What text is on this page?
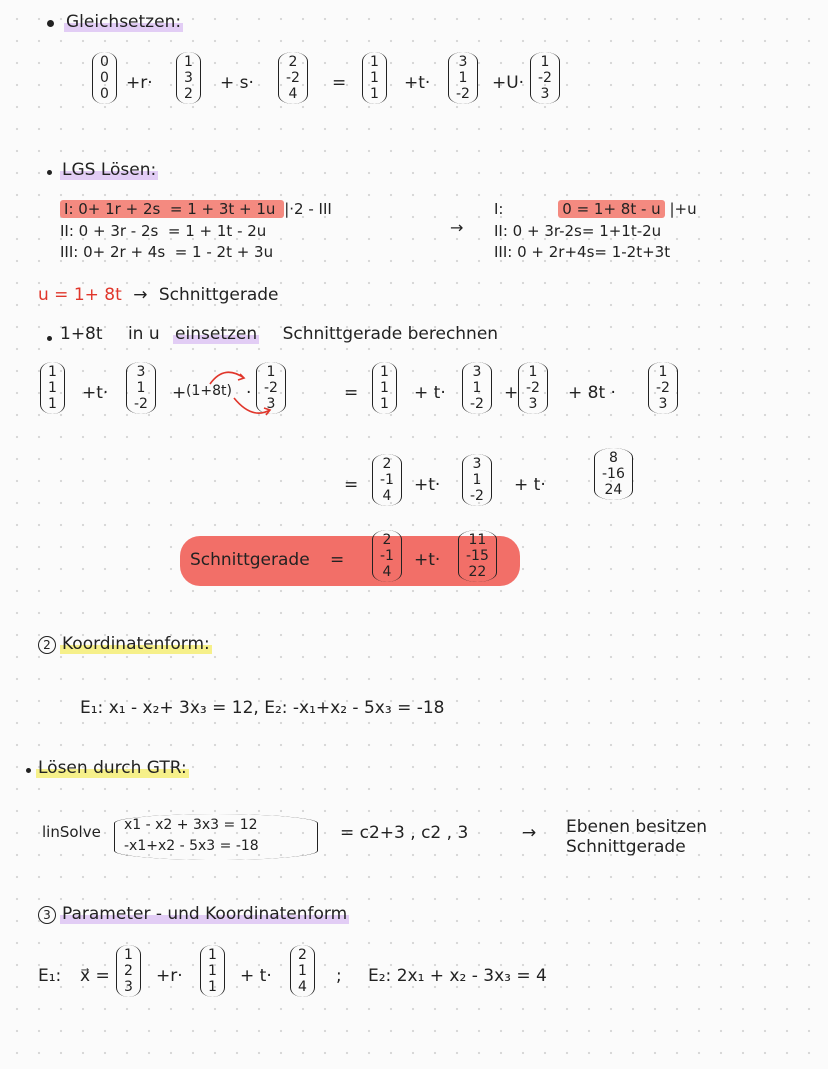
Gleichsetzen:
0
0
0
+r·
1
3
2
+ s·
2
-2
4
=
1
1
1
+t·
3
1
-2
+U·
1
-2
3
LGS Lösen:
I: 0+ 1r + 2s = 1 + 3t + 1u |·2 - III
II: 0 + 3r - 2s = 1 + 1t - 2u
III: 0+ 2r + 4s = 1 - 2t + 3u
→
I:	0 = 1+ 8t - u |+u
II: 0 + 3r-2s= 1+1t-2u
III: 0 + 2r+4s= 1-2t+3t
u = 1+ 8t → Schnittgerade
1+8t in u einsetzen Schnittgerade berechnen
1
1
1
+t·
3
1
-2
+ (1+8t) ·
1
-2
3
=
1
1
1
+ t·
3
1
-2
+
1
-2
3
+ 8t ·
1
-2
3
=
2
-1
4
+t·
3
1
-2
+ t·
8
-16
24
Schnittgerade =
2
-1
4
+t·
11
-15
22
2 Koordinatenform:
E₁: x₁ - x₂+ 3x₃ = 12, E₂: -x₁+x₂ - 5x₃ = -18
Lösen durch GTR:
linSolve x1 - x2 + 3x3 = 12
-x1+x2 - 5x3 = -18
= c2+3 , c2 , 3	→ Ebenen besitzen
Schnittgerade
3 Parameter - und Koordinatenform
E₁: x⃗ =
1
2
3
+r·
1
1
1
+ t·
2
1
4
; E₂: 2x₁ + x₂ - 3x₃ = 4
